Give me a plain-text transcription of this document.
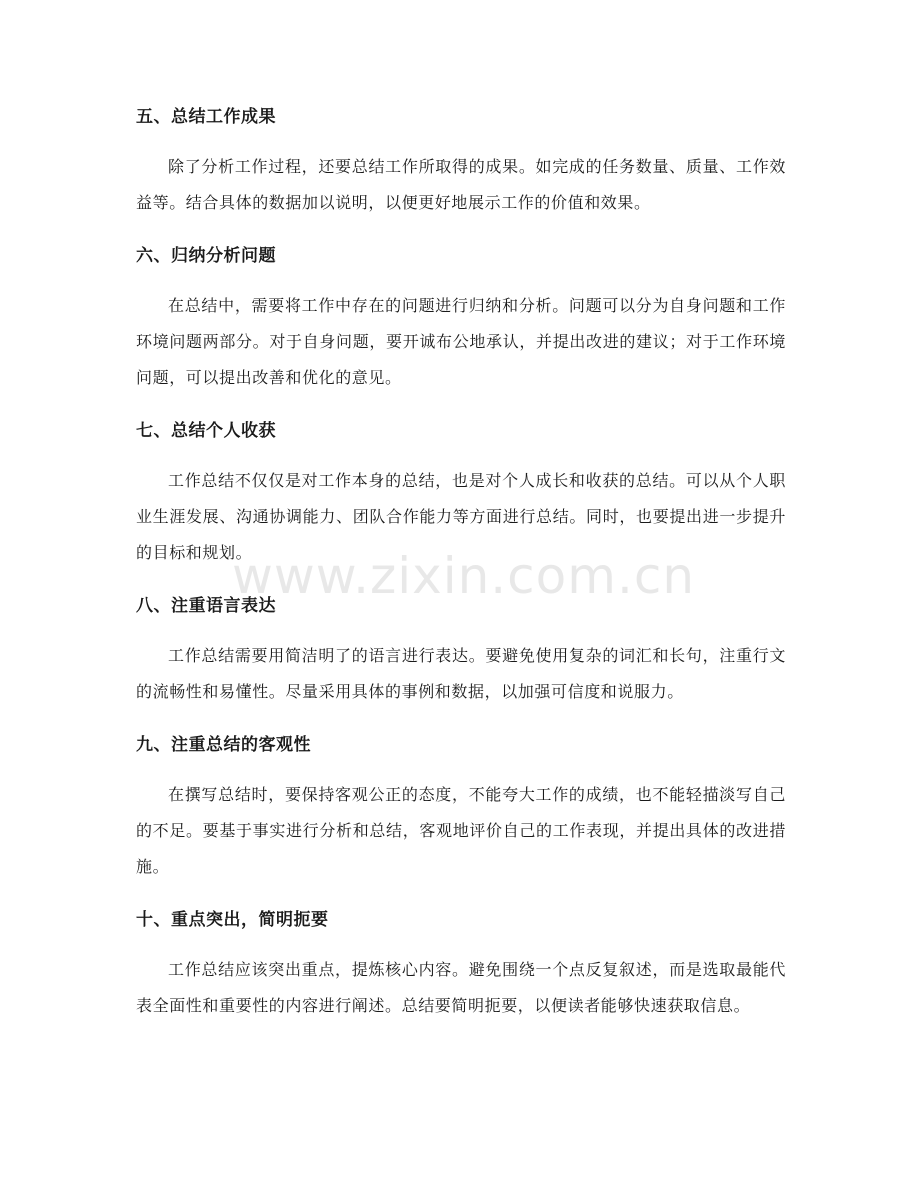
五、总结工作成果

除了分析工作过程，还要总结工作所取得的成果。如完成的任务数量、质量、工作效益等。结合具体的数据加以说明，以便更好地展示工作的价值和效果。

六、归纳分析问题

在总结中，需要将工作中存在的问题进行归纳和分析。问题可以分为自身问题和工作环境问题两部分。对于自身问题，要开诚布公地承认，并提出改进的建议；对于工作环境问题，可以提出改善和优化的意见。

七、总结个人收获

工作总结不仅仅是对工作本身的总结，也是对个人成长和收获的总结。可以从个人职业生涯发展、沟通协调能力、团队合作能力等方面进行总结。同时，也要提出进一步提升的目标和规划。

八、注重语言表达

工作总结需要用简洁明了的语言进行表达。要避免使用复杂的词汇和长句，注重行文的流畅性和易懂性。尽量采用具体的事例和数据，以加强可信度和说服力。

九、注重总结的客观性

在撰写总结时，要保持客观公正的态度，不能夸大工作的成绩，也不能轻描淡写自己的不足。要基于事实进行分析和总结，客观地评价自己的工作表现，并提出具体的改进措施。

十、重点突出，简明扼要

工作总结应该突出重点，提炼核心内容。避免围绕一个点反复叙述，而是选取最能代表全面性和重要性的内容进行阐述。总结要简明扼要，以便读者能够快速获取信息。

www.zixin.com.cn
